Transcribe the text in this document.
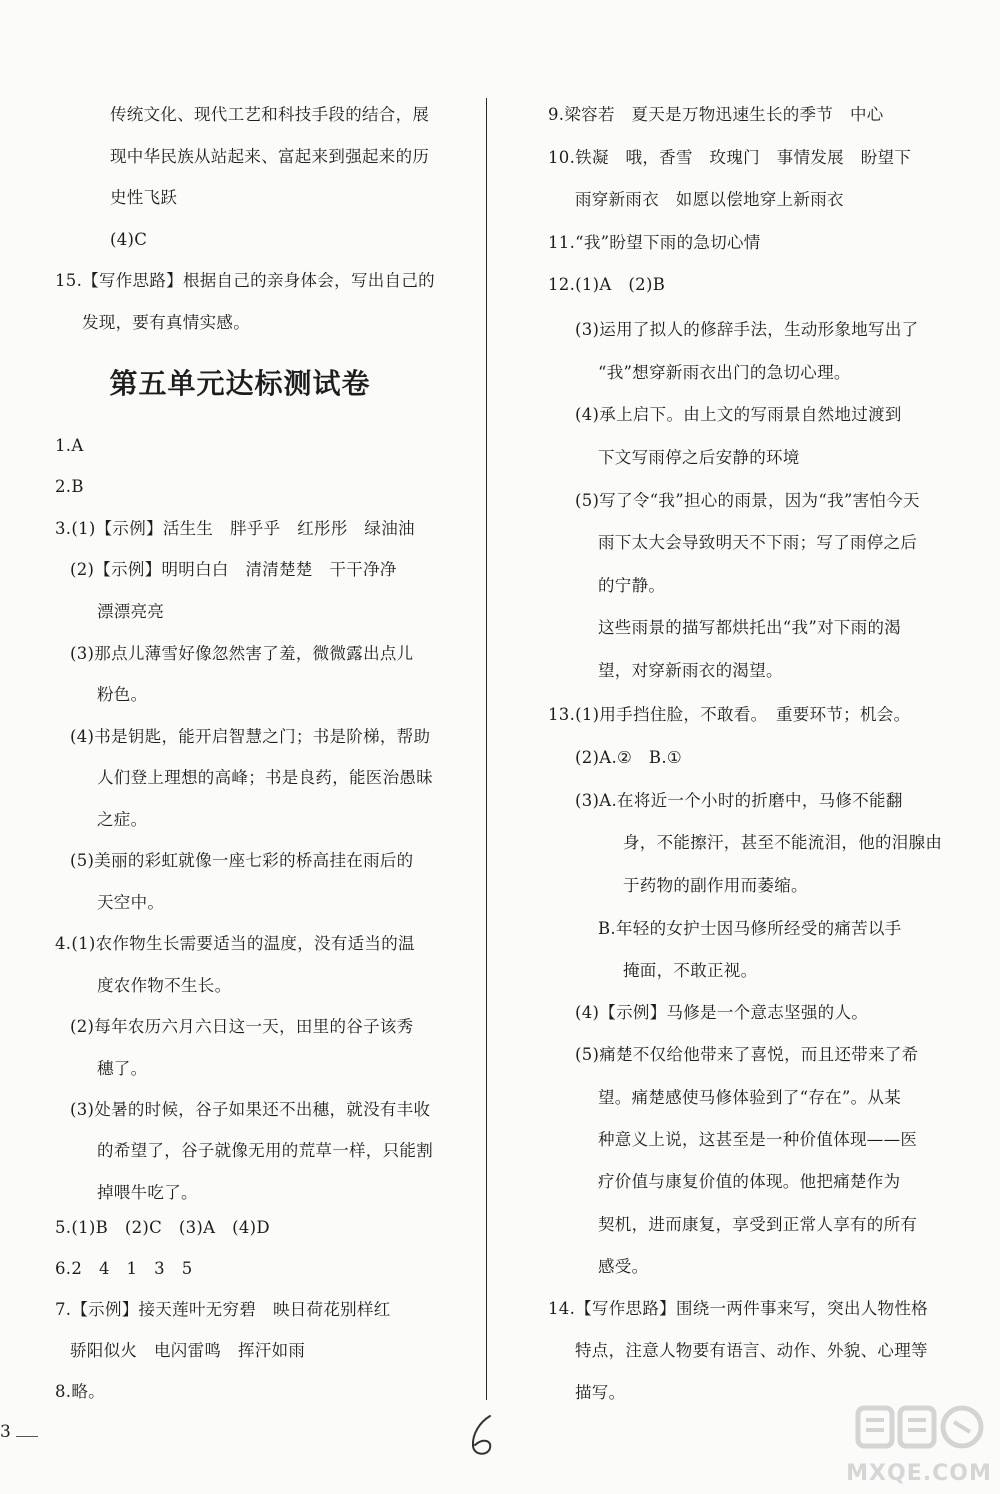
传统文化、现代工艺和科技手段的结合，展
现中华民族从站起来、富起来到强起来的历
史性飞跃
(4)C
15.【写作思路】根据自己的亲身体会，写出自己的
发现，要有真情实感。
第五单元达标测试卷
1.A
2.B
3.(1)【示例】活生生　胖乎乎　红彤彤　绿油油
(2)【示例】明明白白　清清楚楚　干干净净
漂漂亮亮
(3)那点儿薄雪好像忽然害了羞，微微露出点儿
粉色。
(4)书是钥匙，能开启智慧之门；书是阶梯，帮助
人们登上理想的高峰；书是良药，能医治愚昧
之症。
(5)美丽的彩虹就像一座七彩的桥高挂在雨后的
天空中。
4.(1)农作物生长需要适当的温度，没有适当的温
度农作物不生长。
(2)每年农历六月六日这一天，田里的谷子该秀
穗了。
(3)处暑的时候，谷子如果还不出穗，就没有丰收
的希望了，谷子就像无用的荒草一样，只能割
掉喂牛吃了。
5.(1)B　(2)C　(3)A　(4)D
6.2　4　1　3　5
7.【示例】接天莲叶无穷碧　映日荷花别样红
骄阳似火　电闪雷鸣　挥汗如雨
8.略。
9.梁容若　夏天是万物迅速生长的季节　中心
10.铁凝　哦，香雪　玫瑰门　事情发展　盼望下
雨穿新雨衣　如愿以偿地穿上新雨衣
11.“我”盼望下雨的急切心情
12.(1)A　(2)B
(3)运用了拟人的修辞手法，生动形象地写出了
“我”想穿新雨衣出门的急切心理。
(4)承上启下。由上文的写雨景自然地过渡到
下文写雨停之后安静的环境
(5)写了令“我”担心的雨景，因为“我”害怕今天
雨下太大会导致明天不下雨；写了雨停之后
的宁静。
这些雨景的描写都烘托出“我”对下雨的渴
望，对穿新雨衣的渴望。
13.(1)用手挡住脸，不敢看。　重要环节；机会。
(2)A.②　B.①
(3)A.在将近一个小时的折磨中，马修不能翻
身，不能擦汗，甚至不能流泪，他的泪腺由
于药物的副作用而萎缩。
B.年轻的女护士因马修所经受的痛苦以手
掩面，不敢正视。
(4)【示例】马修是一个意志坚强的人。
(5)痛楚不仅给他带来了喜悦，而且还带来了希
望。痛楚感使马修体验到了“存在”。从某
种意义上说，这甚至是一种价值体现——医
疗价值与康复价值的体现。他把痛楚作为
契机，进而康复，享受到正常人享有的所有
感受。
14.【写作思路】围绕一两件事来写，突出人物性格
特点，注意人物要有语言、动作、外貌、心理等
描写。
3
MXQE.COM
